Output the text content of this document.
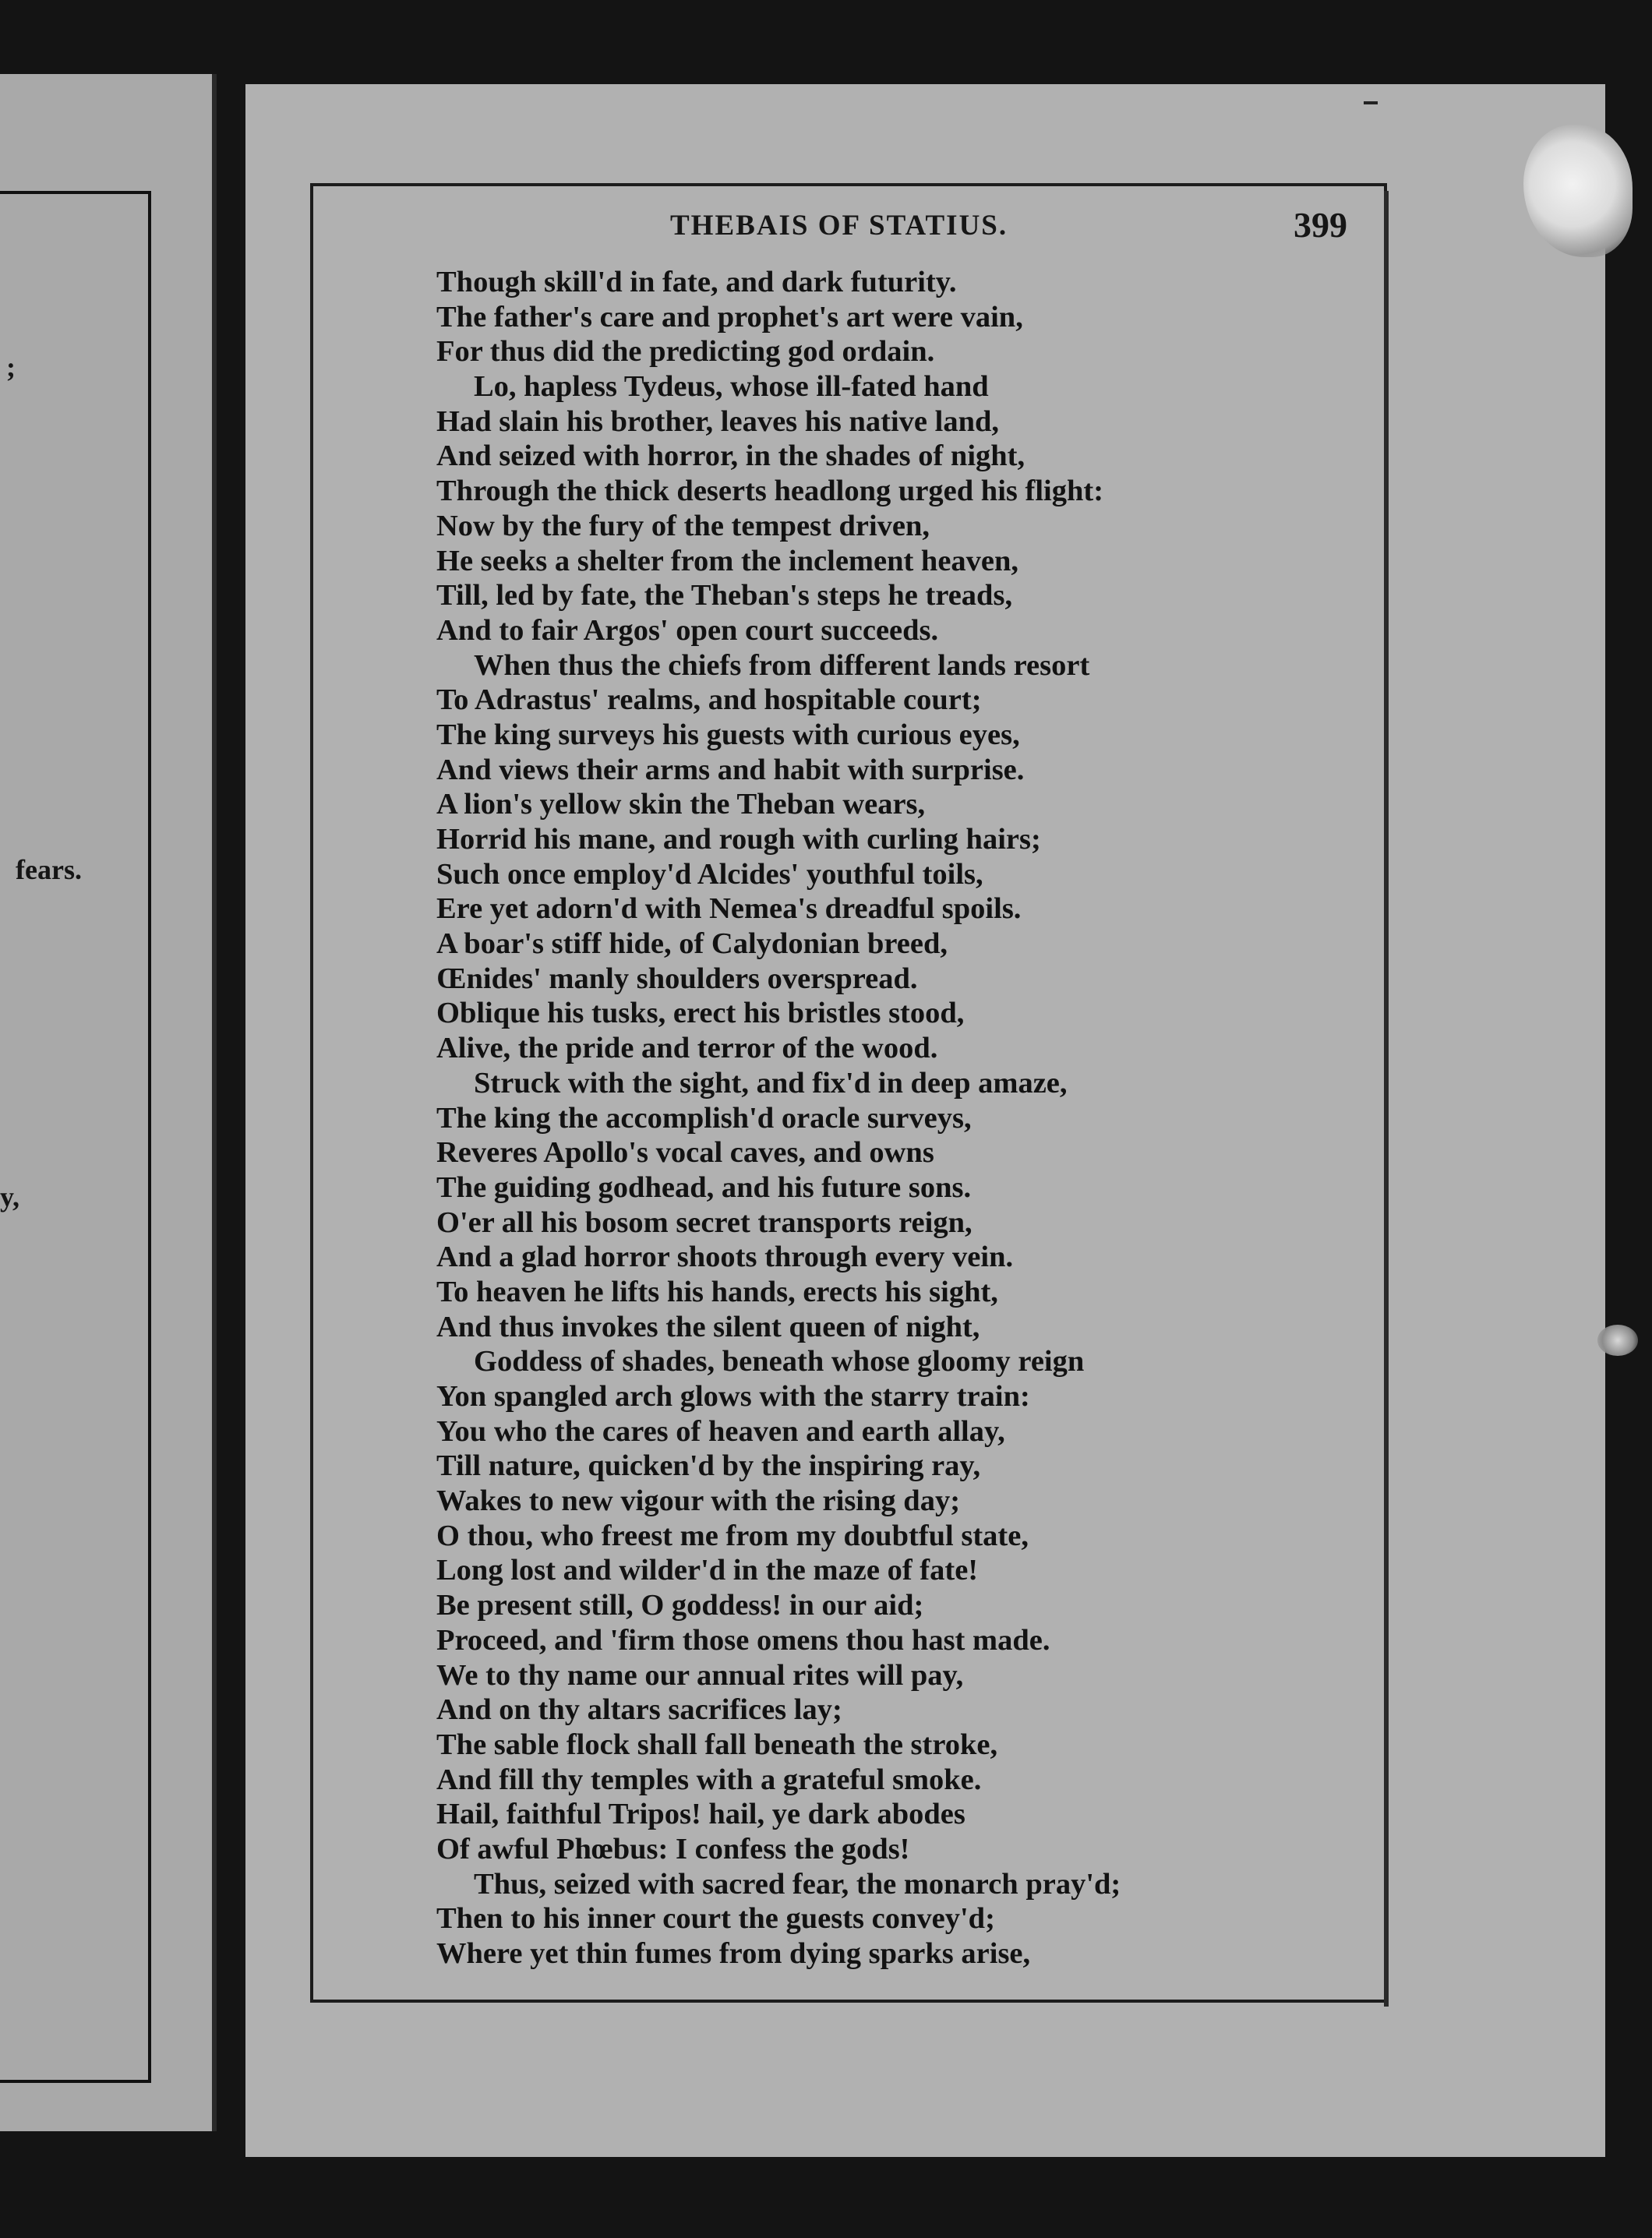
;
fears.
y,
THEBAIS OF STATIUS.	399
Though skill'd in fate, and dark futurity.
The father's care and prophet's art were vain,
For thus did the predicting god ordain.
Lo, hapless Tydeus, whose ill-fated hand
Had slain his brother, leaves his native land,
And seized with horror, in the shades of night,
Through the thick deserts headlong urged his flight:
Now by the fury of the tempest driven,
He seeks a shelter from the inclement heaven,
Till, led by fate, the Theban's steps he treads,
And to fair Argos' open court succeeds.
When thus the chiefs from different lands resort
To Adrastus' realms, and hospitable court;
The king surveys his guests with curious eyes,
And views their arms and habit with surprise.
A lion's yellow skin the Theban wears,
Horrid his mane, and rough with curling hairs;
Such once employ'd Alcides' youthful toils,
Ere yet adorn'd with Nemea's dreadful spoils.
A boar's stiff hide, of Calydonian breed,
Œnides' manly shoulders overspread.
Oblique his tusks, erect his bristles stood,
Alive, the pride and terror of the wood.
Struck with the sight, and fix'd in deep amaze,
The king the accomplish'd oracle surveys,
Reveres Apollo's vocal caves, and owns
The guiding godhead, and his future sons.
O'er all his bosom secret transports reign,
And a glad horror shoots through every vein.
To heaven he lifts his hands, erects his sight,
And thus invokes the silent queen of night,
Goddess of shades, beneath whose gloomy reign
Yon spangled arch glows with the starry train:
You who the cares of heaven and earth allay,
Till nature, quicken'd by the inspiring ray,
Wakes to new vigour with the rising day;
O thou, who freest me from my doubtful state,
Long lost and wilder'd in the maze of fate!
Be present still, O goddess! in our aid;
Proceed, and 'firm those omens thou hast made.
We to thy name our annual rites will pay,
And on thy altars sacrifices lay;
The sable flock shall fall beneath the stroke,
And fill thy temples with a grateful smoke.
Hail, faithful Tripos! hail, ye dark abodes
Of awful Phœbus: I confess the gods!
Thus, seized with sacred fear, the monarch pray'd;
Then to his inner court the guests convey'd;
Where yet thin fumes from dying sparks arise,
